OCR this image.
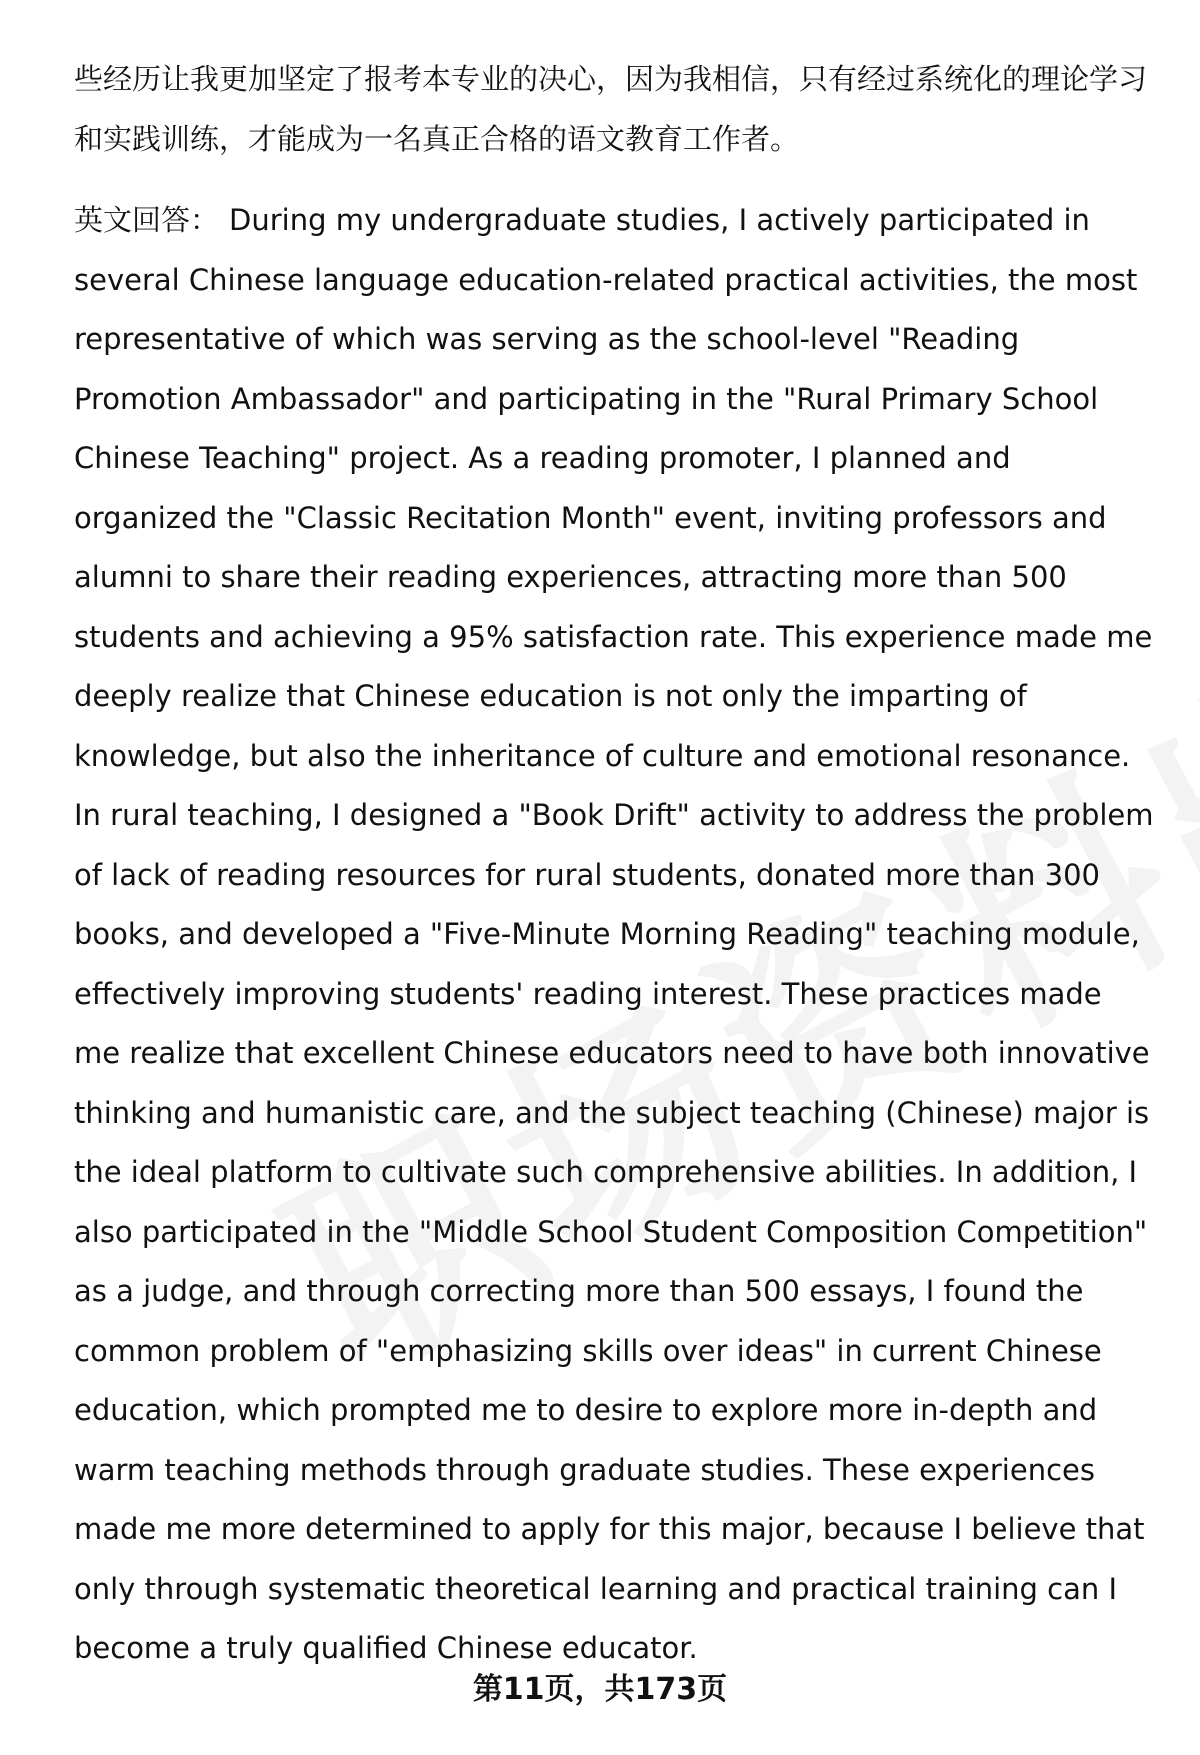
些经历让我更加坚定了报考本专业的决心，因为我相信，只有经过系统化的理论学习和实践训练，才能成为一名真正合格的语文教育工作者。

英文回答： During my undergraduate studies, I actively participated in several Chinese language education-related practical activities, the most representative of which was serving as the school-level "Reading Promotion Ambassador" and participating in the "Rural Primary School Chinese Teaching" project. As a reading promoter, I planned and organized the "Classic Recitation Month" event, inviting professors and alumni to share their reading experiences, attracting more than 500 students and achieving a 95% satisfaction rate. This experience made me deeply realize that Chinese education is not only the imparting of knowledge, but also the inheritance of culture and emotional resonance. In rural teaching, I designed a "Book Drift" activity to address the problem of lack of reading resources for rural students, donated more than 300 books, and developed a "Five-Minute Morning Reading" teaching module, effectively improving students' reading interest. These practices made me realize that excellent Chinese educators need to have both innovative thinking and humanistic care, and the subject teaching (Chinese) major is the ideal platform to cultivate such comprehensive abilities. In addition, I also participated in the "Middle School Student Composition Competition" as a judge, and through correcting more than 500 essays, I found the common problem of "emphasizing skills over ideas" in current Chinese education, which prompted me to desire to explore more in-depth and warm teaching methods through graduate studies. These experiences made me more determined to apply for this major, because I believe that only through systematic theoretical learning and practical training can I become a truly qualified Chinese educator.

第11页，共173页
